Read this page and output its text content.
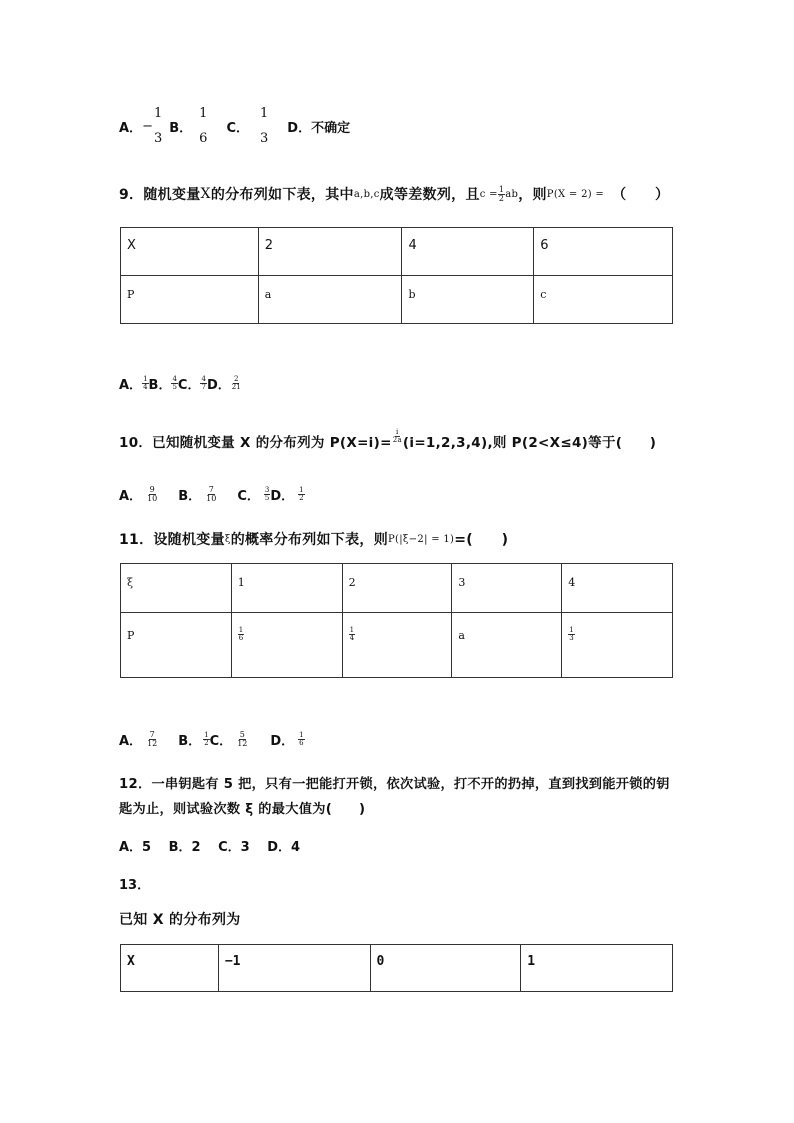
A． −
1
3
B．
1
6
C．
1
3
D．不确定
9．随机变量 X 的分布列如下表，其中 a,b,c 成等差数列，且 $c = \frac{1}{2}$ ab ，则 P(X = 2) = （　　）
X	2	4	6
P	a	b	c
A． $\frac{1}{4}$ B． $\frac{4}{5}$ C． $\frac{4}{7}$ D． $\frac{2}{21}$
10．已知随机变量 X 的分布列为 $P(X=i)= \frac{i}{2a} (i=1,2,3,4)$,则 P(2<X≤4)等于(　　)
A． $\frac{9}{10}$ B． $\frac{7}{10}$ C． $\frac{3}{5}$ D． $\frac{1}{2}$
11．设随机变量 ξ 的概率分布列如下表，则 P(|ξ−2| = 1) =(　　)
ξ	1	2	3	4
P	$\frac{1}{6}$	$\frac{1}{4}$	a	$\frac{1}{3}$
A． $\frac{7}{12}$ B． $\frac{1}{2}$ C． $\frac{5}{12}$ D． $\frac{1}{6}$
12．一串钥匙有 5 把，只有一把能打开锁，依次试验，打不开的扔掉，直到找到能开锁的钥
匙为止，则试验次数 ξ 的最大值为(　　)
A．5　 B．2　 C．3　 D．4
13．
已知 X 的分布列为
X	−1	0	1
